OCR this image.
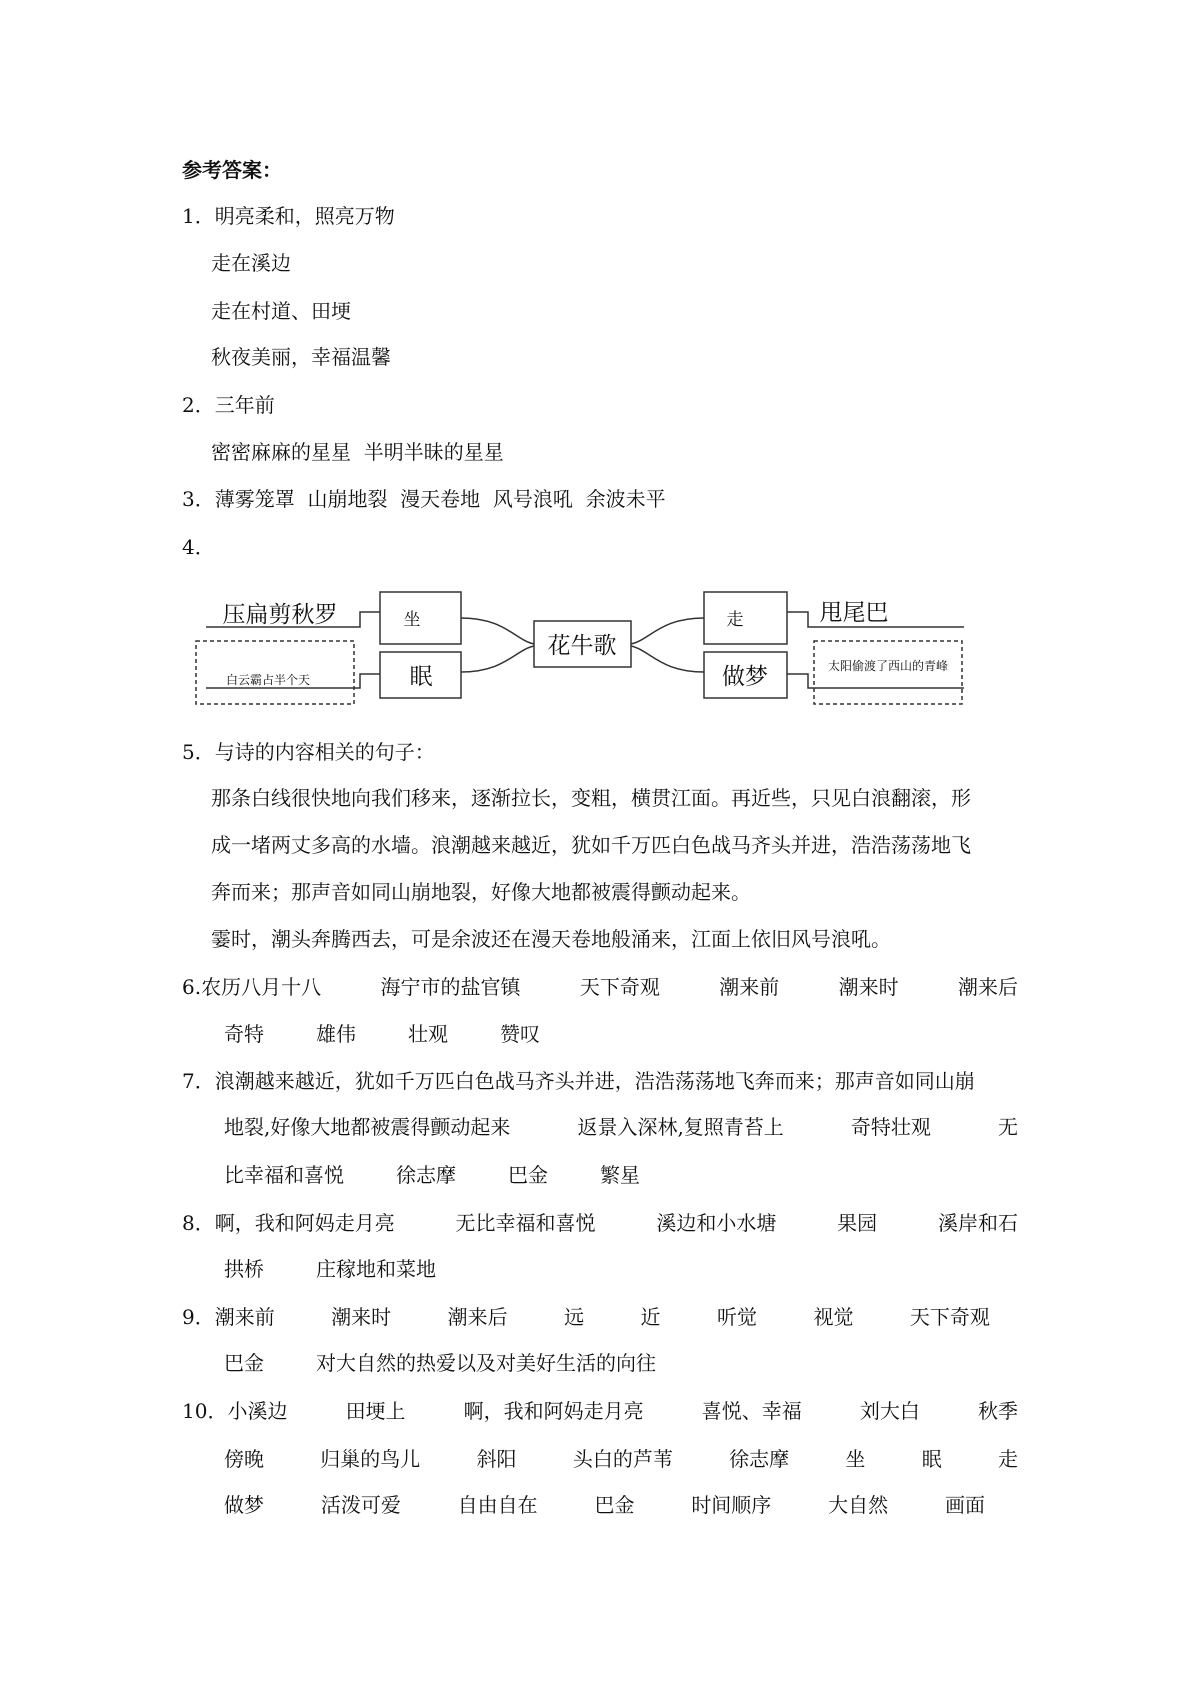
参考答案：
1．明亮柔和，照亮万物
走在溪边
走在村道、田埂
秋夜美丽，幸福温馨
2．三年前
密密麻麻的星星  半明半昧的星星
3．薄雾笼罩  山崩地裂  漫天卷地  风号浪吼  余波未平
4．
5．与诗的内容相关的句子：
那条白线很快地向我们移来，逐渐拉长，变粗，横贯江面。再近些，只见白浪翻滚，形
成一堵两丈多高的水墙。浪潮越来越近，犹如千万匹白色战马齐头并进，浩浩荡荡地飞
奔而来；那声音如同山崩地裂，好像大地都被震得颤动起来。
霎时，潮头奔腾西去，可是余波还在漫天卷地般涌来，江面上依旧风号浪吼。
6.农历八月十八	海宁市的盐官镇	天下奇观	潮来前	潮来时	潮来后
奇特	雄伟	壮观	赞叹
7．浪潮越来越近，犹如千万匹白色战马齐头并进，浩浩荡荡地飞奔而来；那声音如同山崩
地裂,好像大地都被震得颤动起来	返景入深林,复照青苔上	奇特壮观	无
比幸福和喜悦	徐志摩	巴金	繁星
8．啊，我和阿妈走月亮	无比幸福和喜悦	溪边和小水塘	果园	溪岸和石
拱桥	庄稼地和菜地
9．潮来前	潮来时	潮来后	远	近	听觉	视觉	天下奇观
巴金	对大自然的热爱以及对美好生活的向往
10．小溪边	田埂上	啊，我和阿妈走月亮	喜悦、幸福	刘大白	秋季
傍晚	归巢的鸟儿	斜阳	头白的芦苇	徐志摩	坐	眠	走
做梦	活泼可爱	自由自在	巴金	时间顺序	大自然	画面
压扁剪秋罗	坐
白云霸占半个天	眠
花牛歌
走	甩尾巴
做梦	太阳偷渡了西山的青峰
